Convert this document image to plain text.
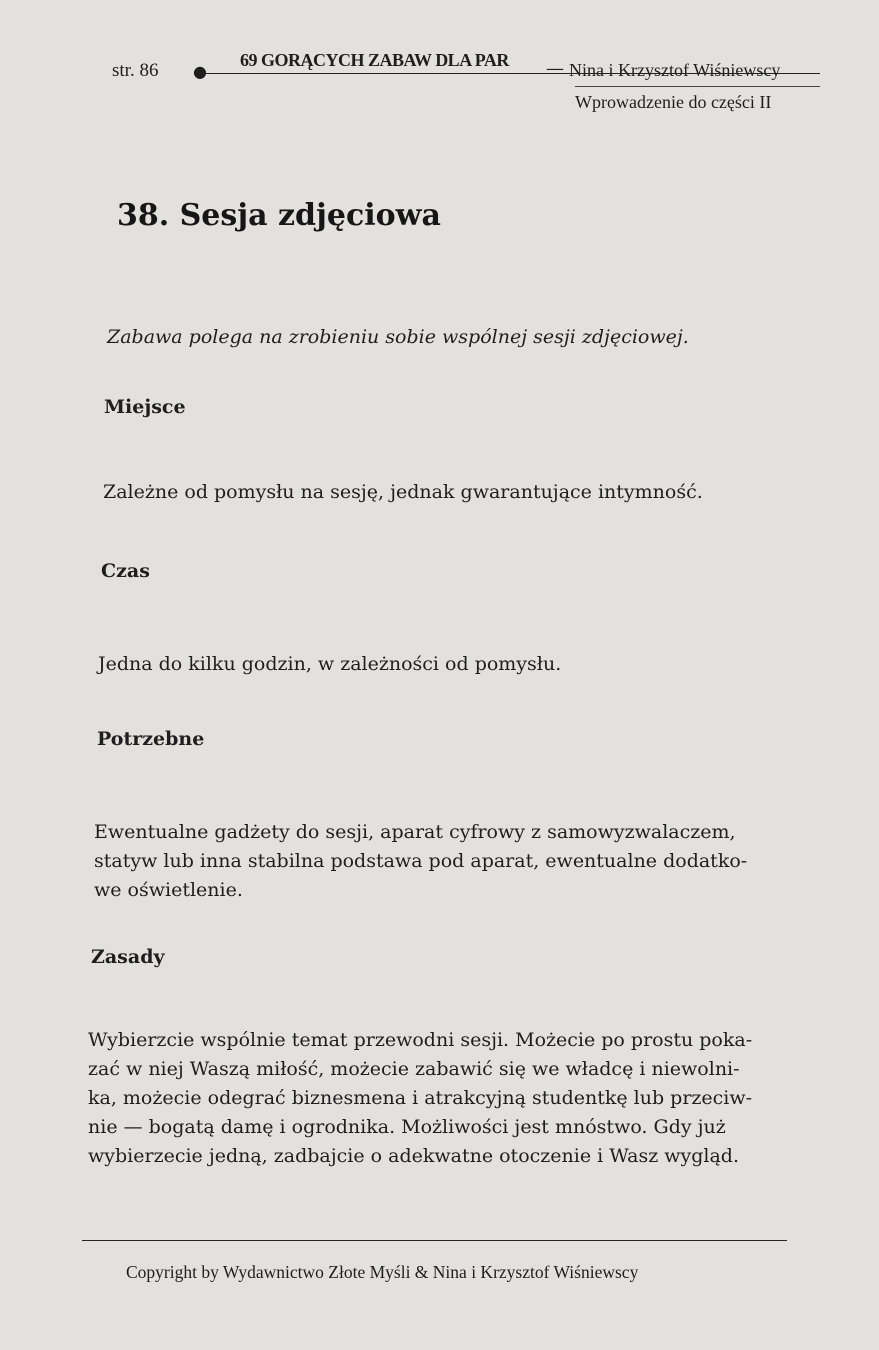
str. 86 ●
69 GORĄCYCH ZABAW DLA PAR — Nina i Krzysztof Wiśniewscy
Wprowadzenie do części II
38. Sesja zdjęciowa
Zabawa polega na zrobieniu sobie wspólnej sesji zdjęciowej.
Miejsce
Zależne od pomysłu na sesję, jednak gwarantujące intymność.
Czas
Jedna do kilku godzin, w zależności od pomysłu.
Potrzebne
Ewentualne gadżety do sesji, aparat cyfrowy z samowyzwalaczem,
statyw lub inna stabilna podstawa pod aparat, ewentualne dodatko-
we oświetlenie.
Zasady
Wybierzcie wspólnie temat przewodni sesji. Możecie po prostu poka-
zać w niej Waszą miłość, możecie zabawić się we władcę i niewolni-
ka, możecie odegrać biznesmena i atrakcyjną studentkę lub przeciw-
nie — bogatą damę i ogrodnika. Możliwości jest mnóstwo. Gdy już
wybierzecie jedną, zadbajcie o adekwatne otoczenie i Wasz wygląd.
Copyright by Wydawnictwo Złote Myśli & Nina i Krzysztof Wiśniewscy
